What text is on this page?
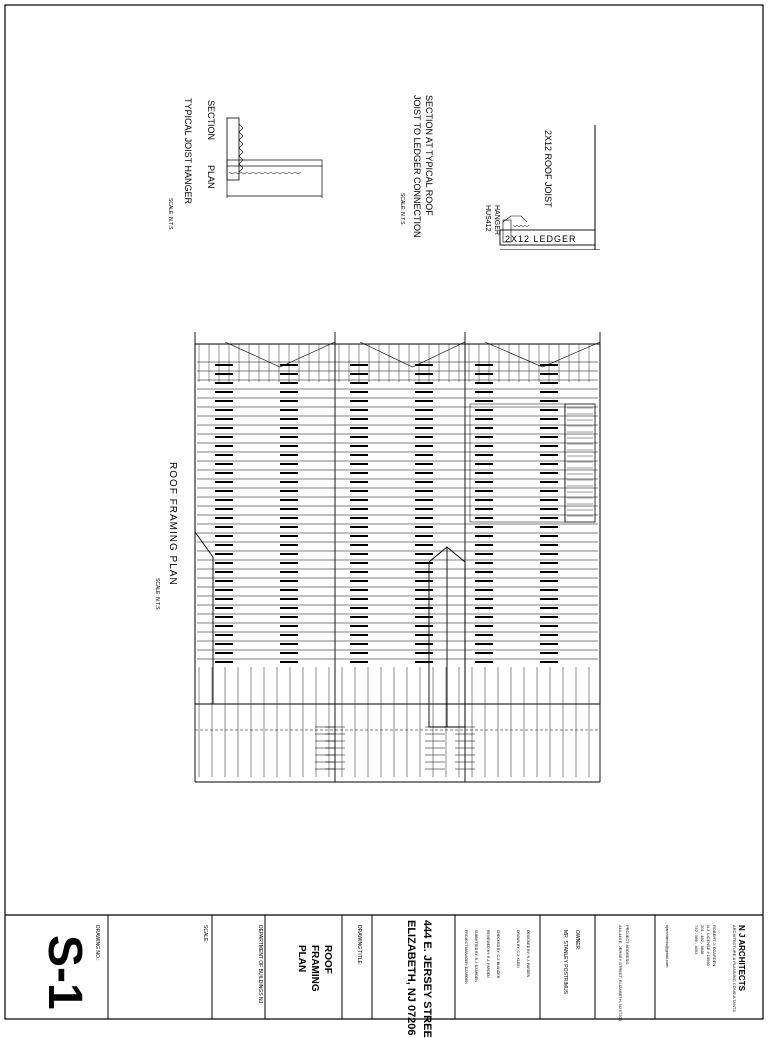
N J ARCHITECTS
ARCHITECTURE & PLANNING CONSULTANTS
ROBERT J. DZARDEN
N.J. LICENSE # 15590
201 - 482 - 5848
732 - 589 - 4053
njarchitects@gmail.com
PROJECT ADDRESS:
444-446 E. JERSEY STREET, ELIZABETH, NJ 07206
OWNER:
MR. STANLEY POSTRIMUS
DESIGNED BY: R.J. PARDEN
DRAWN BY: C.J. KLEIN
CHECKED BY: C.J. BLANDER
REVIEWED BY: R.J. PARDEN
SUBMITTED BY: R.J. DZARDEN
PROJECT MANAGER: DZARDEN
444 E. JERSEY STREE
ELIZABETH, NJ 07206
DRAWING TITLE:
ROOF
FRAMING
PLAN
DEPARTMENT OF BUILDINGS NJ
SCALE:
DRAWING NO.:
S-1
SECTION
PLAN
TYPICAL JOIST HANGER
SCALE: N.T.S.	SECTION AT TYPICAL ROOF
JOIST TO LEDGER CONNECTION
SCALE: N.T.S.
2X12 ROOF JOIST
HANGER
HUS412
2X12 LEDGER
ROOF FRAMING PLAN
SCALE: N.T.S.
